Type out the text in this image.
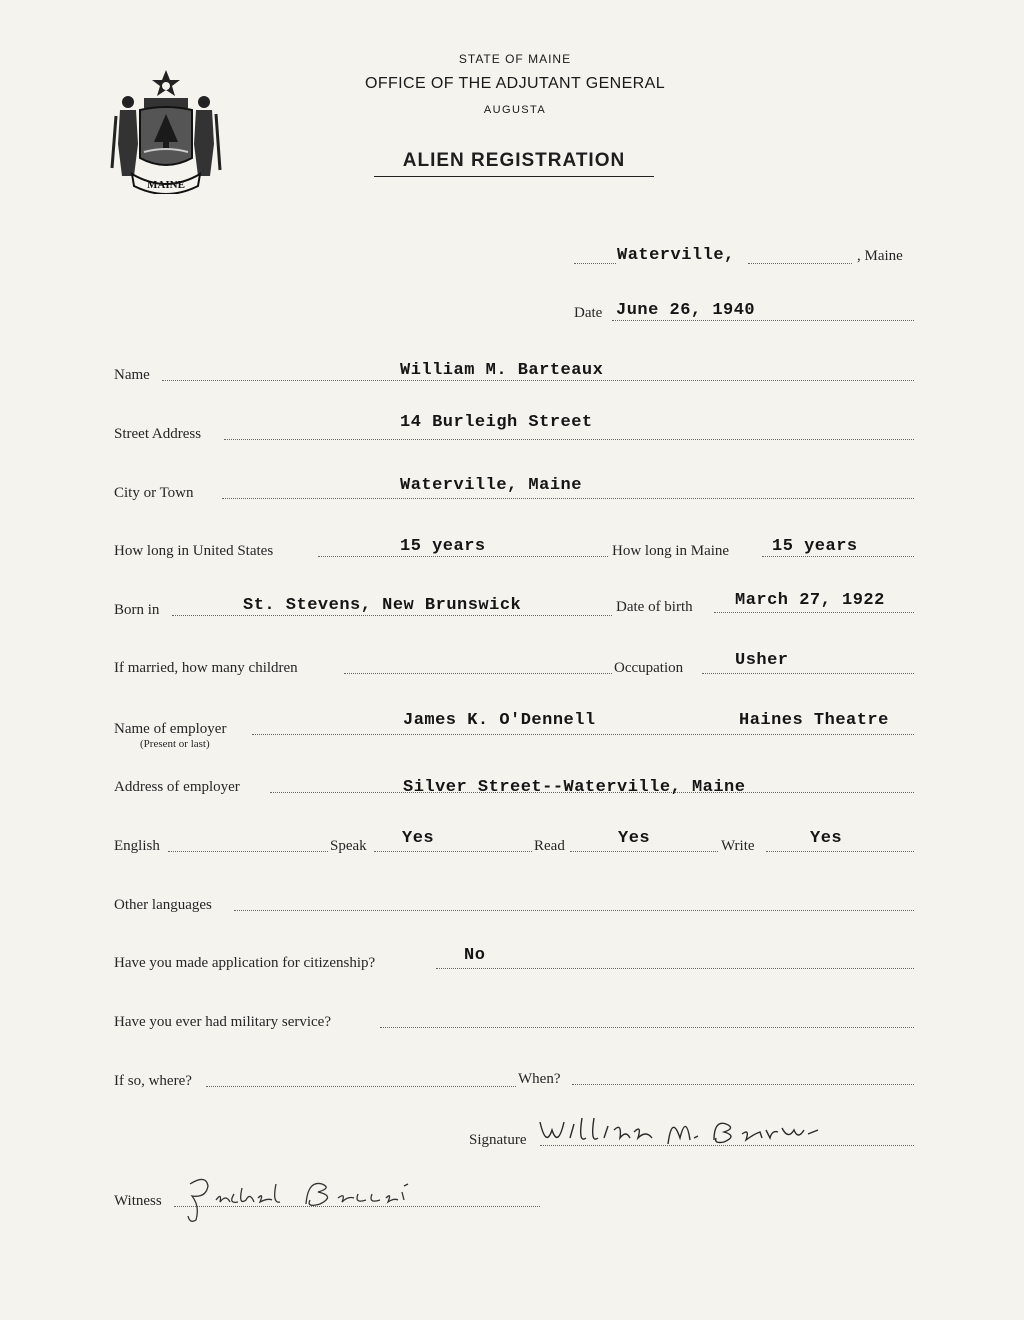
MAINE
STATE OF MAINE
OFFICE OF THE ADJUTANT GENERAL
AUGUSTA
ALIEN REGISTRATION
Waterville,	, Maine
Date June 26, 1940
Name	William M. Barteaux
Street Address
14 Burleigh Street
City or Town	Waterville, Maine
How long in United States	15 years	How long in Maine	15 years
Born in	St. Stevens, New Brunswick	Date of birth March 27, 1922
If married, how many children	Occupation	Usher
Name of employer
(Present or last)
James K. O'Dennell	Haines Theatre
Address of employer	Silver Street--Waterville, Maine
English	Speak Yes	Read	Yes	Write	Yes
Other languages
Have you made application for citizenship?	No
Have you ever had military service?
If so, where?	When?
Signature
Witness
